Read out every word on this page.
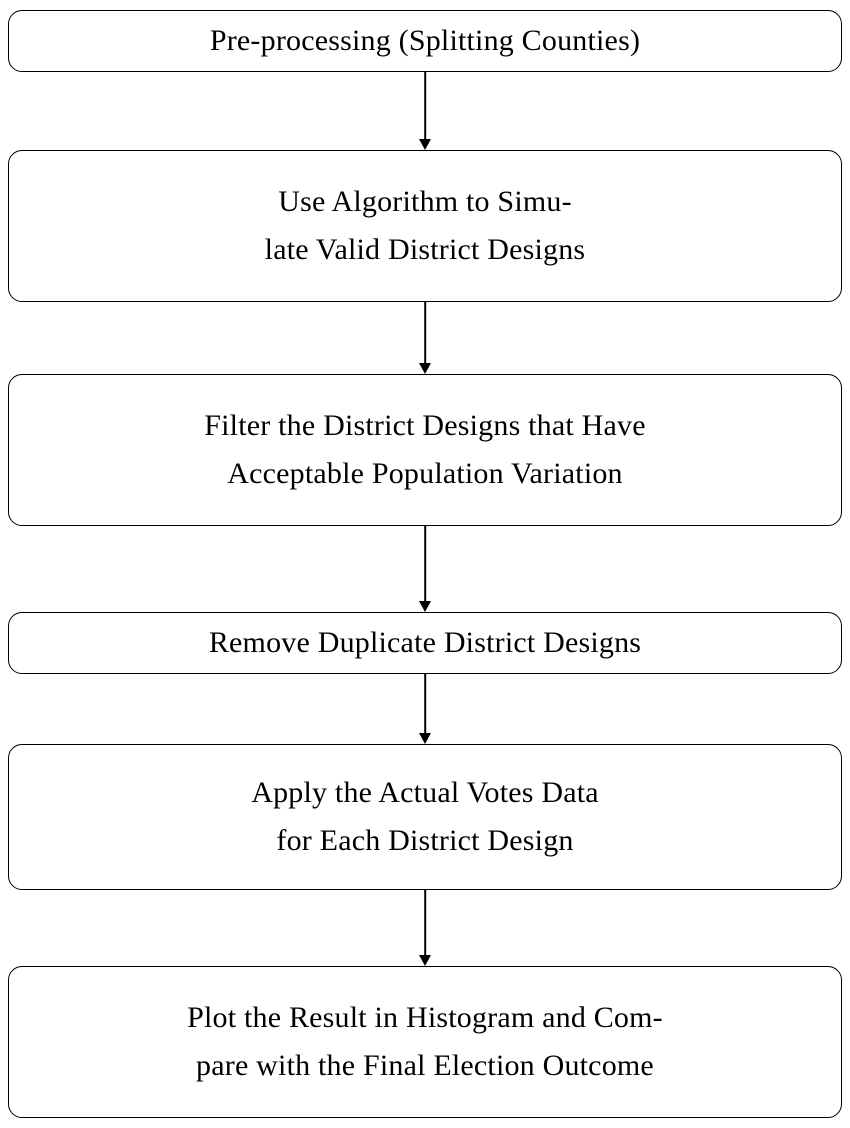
Pre-processing (Splitting Counties)
Use Algorithm to Simu-
late Valid District Designs
Filter the District Designs that Have
Acceptable Population Variation
Remove Duplicate District Designs
Apply the Actual Votes Data
for Each District Design
Plot the Result in Histogram and Com-
pare with the Final Election Outcome
